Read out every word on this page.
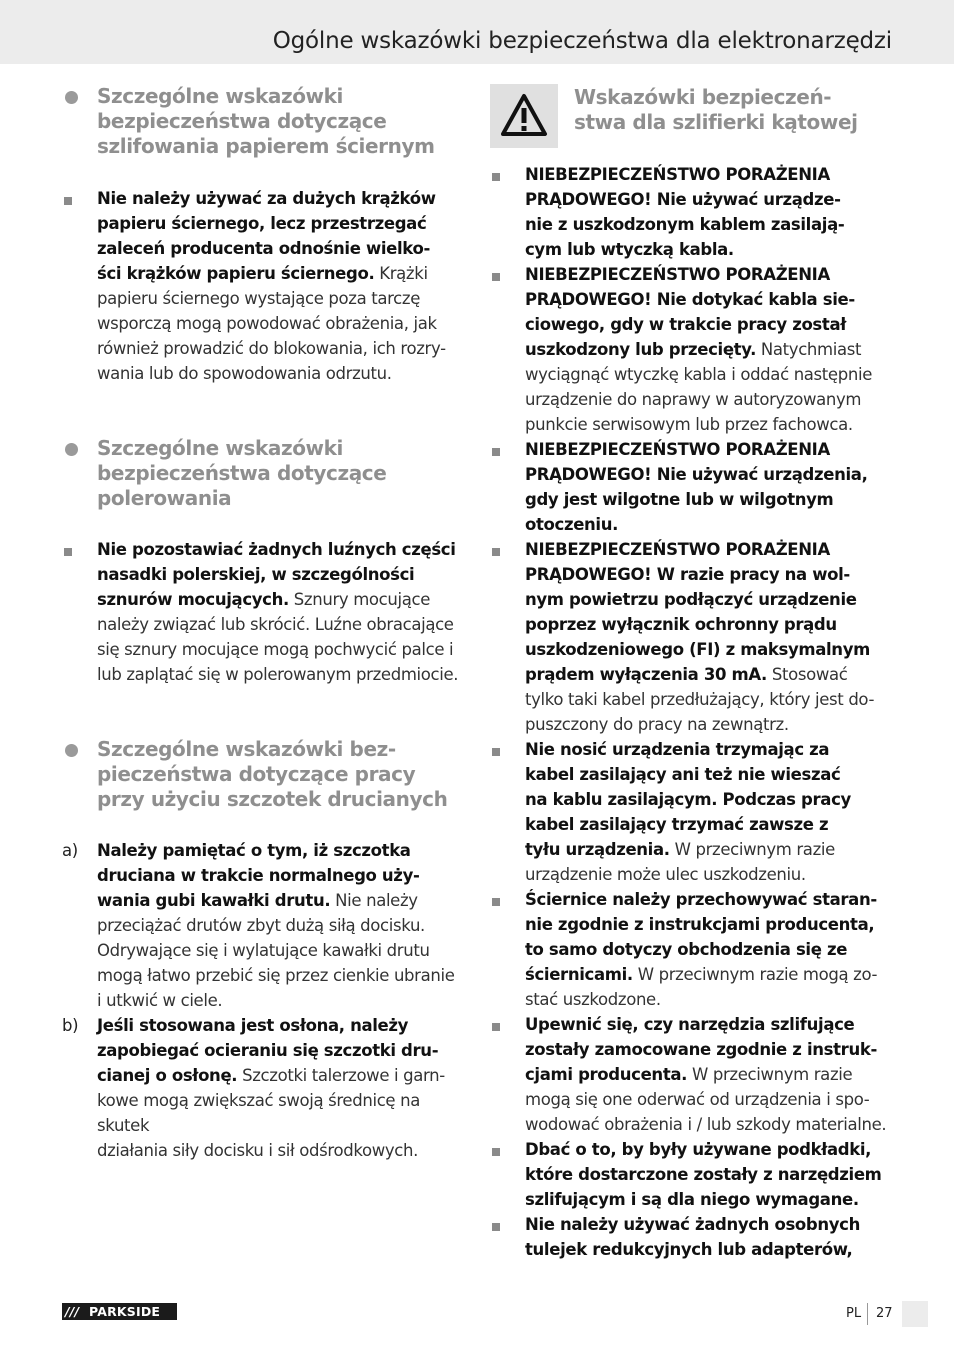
Ogólne wskazówki bezpieczeństwa dla elektronarzędzi
Szczególne wskazówki
bezpieczeństwa dotyczące
szlifowania papierem ściernym
Nie należy używać za dużych krążków
papieru ściernego, lecz przestrzegać
zaleceń producenta odnośnie wielko-
ści krążków papieru ściernego. Krążki
papieru ściernego wystające poza tarczę
wsporczą mogą powodować obrażenia, jak
również prowadzić do blokowania, ich rozry-
wania lub do spowodowania odrzutu.
Szczególne wskazówki
bezpieczeństwa dotyczące
polerowania
Nie pozostawiać żadnych luźnych części
nasadki polerskiej, w szczególności
sznurów mocujących. Sznury mocujące
należy związać lub skrócić. Luźne obracające
się sznury mocujące mogą pochwycić palce i
lub zaplątać się w polerowanym przedmiocie.
Szczególne wskazówki bez-
pieczeństwa dotyczące pracy
przy użyciu szczotek drucianych
a) Należy pamiętać o tym, iż szczotka
druciana w trakcie normalnego uży-
wania gubi kawałki drutu. Nie należy
przeciążać drutów zbyt dużą siłą docisku.
Odrywające się i wylatujące kawałki drutu
mogą łatwo przebić się przez cienkie ubranie
i utkwić w ciele.
b) Jeśli stosowana jest osłona, należy
zapobiegać ocieraniu się szczotki dru-
cianej o osłonę. Szczotki talerzowe i garn-
kowe mogą zwiększać swoją średnicę na skutek
działania siły docisku i sił odśrodkowych.
Wskazówki bezpieczeń-
stwa dla szlifierki kątowej
NIEBEZPIECZEŃSTWO PORAŻENIA
PRĄDOWEGO! Nie używać urządze-
nie z uszkodzonym kablem zasilają-
cym lub wtyczką kabla.
NIEBEZPIECZEŃSTWO PORAŻENIA
PRĄDOWEGO! Nie dotykać kabla sie-
ciowego, gdy w trakcie pracy został
uszkodzony lub przecięty. Natychmiast
wyciągnąć wtyczkę kabla i oddać następnie
urządzenie do naprawy w autoryzowanym
punkcie serwisowym lub przez fachowca.
NIEBEZPIECZEŃSTWO PORAŻENIA
PRĄDOWEGO! Nie używać urządzenia,
gdy jest wilgotne lub w wilgotnym
otoczeniu.
NIEBEZPIECZEŃSTWO PORAŻENIA
PRĄDOWEGO! W razie pracy na wol-
nym powietrzu podłączyć urządzenie
poprzez wyłącznik ochronny prądu
uszkodzeniowego (FI) z maksymalnym
prądem wyłączenia 30 mA. Stosować
tylko taki kabel przedłużający, który jest do-
puszczony do pracy na zewnątrz.
Nie nosić urządzenia trzymając za
kabel zasilający ani też nie wieszać
na kablu zasilającym. Podczas pracy
kabel zasilający trzymać zawsze z
tyłu urządzenia. W przeciwnym razie
urządzenie może ulec uszkodzeniu.
Ściernice należy przechowywać staran-
nie zgodnie z instrukcjami producenta,
to samo dotyczy obchodzenia się ze
ściernicami. W przeciwnym razie mogą zo-
stać uszkodzone.
Upewnić się, czy narzędzia szlifujące
zostały zamocowane zgodnie z instruk-
cjami producenta. W przeciwnym razie
mogą się one oderwać od urządzenia i spo-
wodować obrażenia i / lub szkody materialne.
Dbać o to, by były używane podkładki,
które dostarczone zostały z narzędziem
szlifującym i są dla niego wymagane.
Nie należy używać żadnych osobnych
tulejek redukcyjnych lub adapterów,
/// PARKSIDE	PL 27
